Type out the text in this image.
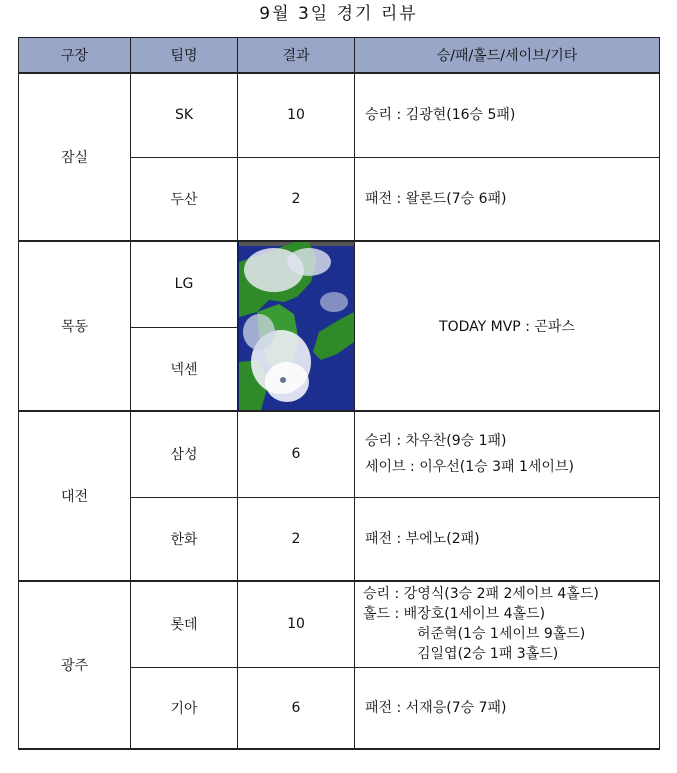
9월 3일 경기 리뷰
구장	팀명	결과	승/패/홀드/세이브/기타
잠실	SK	10	승리 : 김광현(16승 5패)

	두산	2	패전 : 왈론드(7승 6패)

목동	LG		TODAY MVP : 곤파스
	넥센		
대전	삼성	6	승리 : 차우찬(9승 1패)
세이브 : 이우선(1승 3패 1세이브)

	한화	2	패전 : 부에노(2패)

광주	롯데	10	승리 : 강영식(3승 2패 2세이브 4홀드)
홀드 : 배장호(1세이브 4홀드)
허준혁(1승 1세이브 9홀드)
김일엽(2승 1패 3홀드)

	기아	6	패전 : 서재응(7승 7패)
